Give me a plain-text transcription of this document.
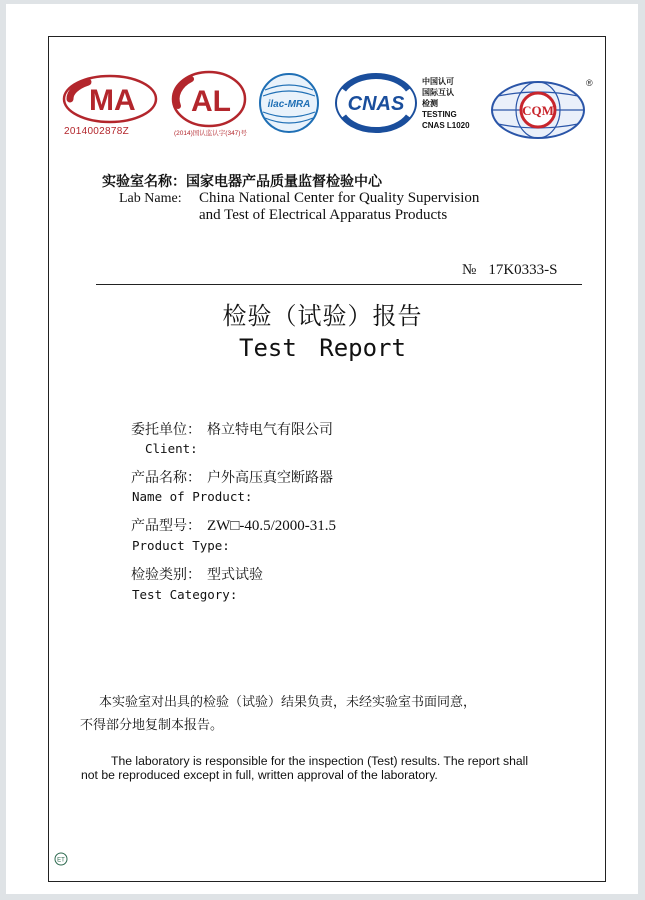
MA
2014002878Z
AL
(2014)国认监认字(347)号
ilac-MRA CNAS
中国认可
国际互认
检测
TESTING
CNAS L1020
CQM
®
实验室名称：国家电器产品质量监督检验中心
Lab Name: China National Center for Quality Supervision
and Test of Electrical Apparatus Products
№ 17K0333-S
检验（试验）报告
Test Report
委托单位： 格立特电气有限公司
Client:
产品名称： 户外高压真空断路器
Name of Product:
产品型号： ZW□-40.5/2000-31.5
Product Type:
检验类别： 型式试验
Test Category:
本实验室对出具的检验（试验）结果负责，未经实验室书面同意，
不得部分地复制本报告。
The laboratory is responsible for the inspection (Test) results. The report shall
not be reproduced except in full, written approval of the laboratory.
ET
